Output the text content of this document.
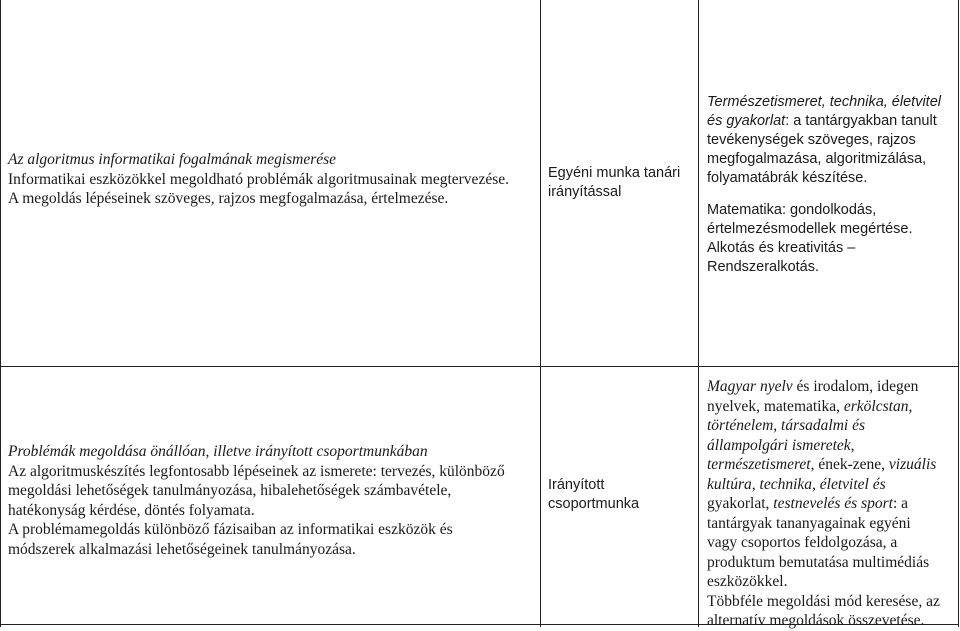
Az algoritmus informatikai fogalmának megismerése
Informatikai eszközökkel megoldható problémák algoritmusainak megtervezése.
A megoldás lépéseinek szöveges, rajzos megfogalmazása, értelmezése.
Egyéni munka tanári
irányítással
Természetismeret, technika, életvitel
és gyakorlat: a tantárgyakban tanult
tevékenységek szöveges, rajzos
megfogalmazása, algoritmizálása,
folyamatábrák készítése.
Matematika: gondolkodás,
értelmezésmodellek megértése.
Alkotás és kreativitás –
Rendszeralkotás.
Problémák megoldása önállóan, illetve irányított csoportmunkában
Az algoritmuskészítés legfontosabb lépéseinek az ismerete: tervezés, különböző
megoldási lehetőségek tanulmányozása, hibalehetőségek számbavétele,
hatékonyság kérdése, döntés folyamata.
A problémamegoldás különböző fázisaiban az informatikai eszközök és
módszerek alkalmazási lehetőségeinek tanulmányozása.
Irányított
csoportmunka
Magyar nyelv és irodalom, idegen
nyelvek, matematika, erkölcstan,
történelem, társadalmi és
állampolgári ismeretek,
természetismeret, ének-zene, vizuális
kultúra, technika, életvitel és
gyakorlat, testnevelés és sport: a
tantárgyak tananyagainak egyéni
vagy csoportos feldolgozása, a
produktum bemutatása multimédiás
eszközökkel.
Többféle megoldási mód keresése, az
alternatív megoldások összevetése.
